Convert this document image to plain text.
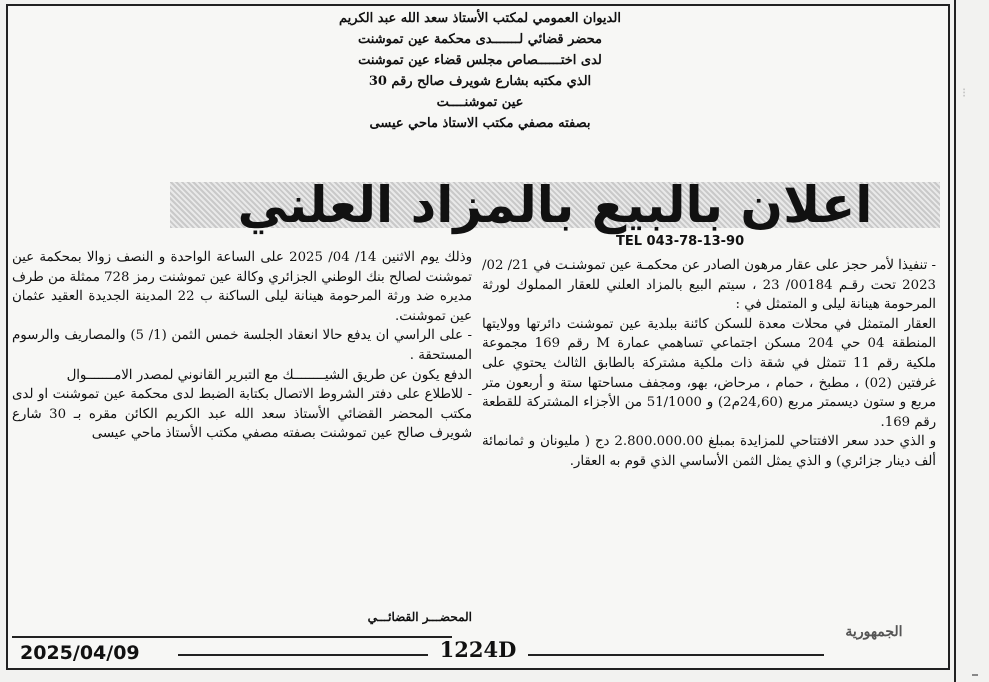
⁝
الديوان العمومي لمكتب الأستاذ سعد الله عبد الكريم
محضر قضائي لـــــــدى محكمة عين تموشنت
لدى اختــــــصاص مجلس قضاء عين تموشنت
الذي مكتبه بشارع شويرف صالح رقم 30
عين تموشنــــت
بصفته مصفي مكتب الاستاذ ماحي عيسى
اعلان بالبيع بالمزاد العلني
TEL 043-78-13-90

- تنفيذا لأمر حجز على عقار مرهون الصادر عن محكمـة عين تموشنـت في 21/ 02/ 2023 تحت رقـم 00184/ 23 ، سيتم البيع بالمزاد العلني للعقار المملوك لورثة المرحومة هينانة ليلى و المتمثل في :

العقار المتمثل في محلات معدة للسكن كائنة ببلدية عين تموشنت دائرتها وولايتها المنطقة 04 حي 204 مسكن اجتماعي تساهمي عمارة M رقم 169 مجموعة ملكية رقم 11 تتمثل في شقة ذات ملكية مشتركة بالطابق الثالث يحتوي على غرفتين (02) ، مطبخ ، حمام ، مرحاض، بهو، ومجفف مساحتها ستة و أربعون متر مربع و ستون ديسمتر مربع (24,60م2) و 51/1000 من الأجزاء المشتركة للقطعة رقم 169.

و الذي حدد سعر الافتتاحي للمزايدة بمبلغ 2.800.000.00 دج ( مليونان و ثمانمائة ألف دينار جزائري) و الذي يمثل الثمن الأساسي الذي قوم به العقار.

وذلك يوم الاثنين 14/ 04/ 2025 على الساعة الواحدة و النصف زوالا بمحكمة عين تموشنت لصالح بنك الوطني الجزائري وكالة عين تموشنت رمز 728 ممثلة من طرف مديره ضد ورثة المرحومة هينانة ليلى الساكنة ب 22 المدينة الجديدة العقيد عثمان عين تموشنت.

- على الراسي ان يدفع حالا انعقاد الجلسة خمس الثمن (1/ 5) والمصاريف والرسوم المستحقة .

الدفع يكون عن طريق الشيــــــــك مع التبرير القانوني لمصدر الامـــــــوال

- للاطلاع على دفتر الشروط الاتصال بكتابة الضبط لدى محكمة عين تموشنت او لدى مكتب المحضر القضائي الأستاذ سعد الله عبد الكريم الكائن مقره بـ 30 شارع شويرف صالح عين تموشنت بصفته مصفي مكتب الأستاذ ماحي عيسى

المحضـــر القضائـــي
2025/04/09	1224D
الجمهورية
